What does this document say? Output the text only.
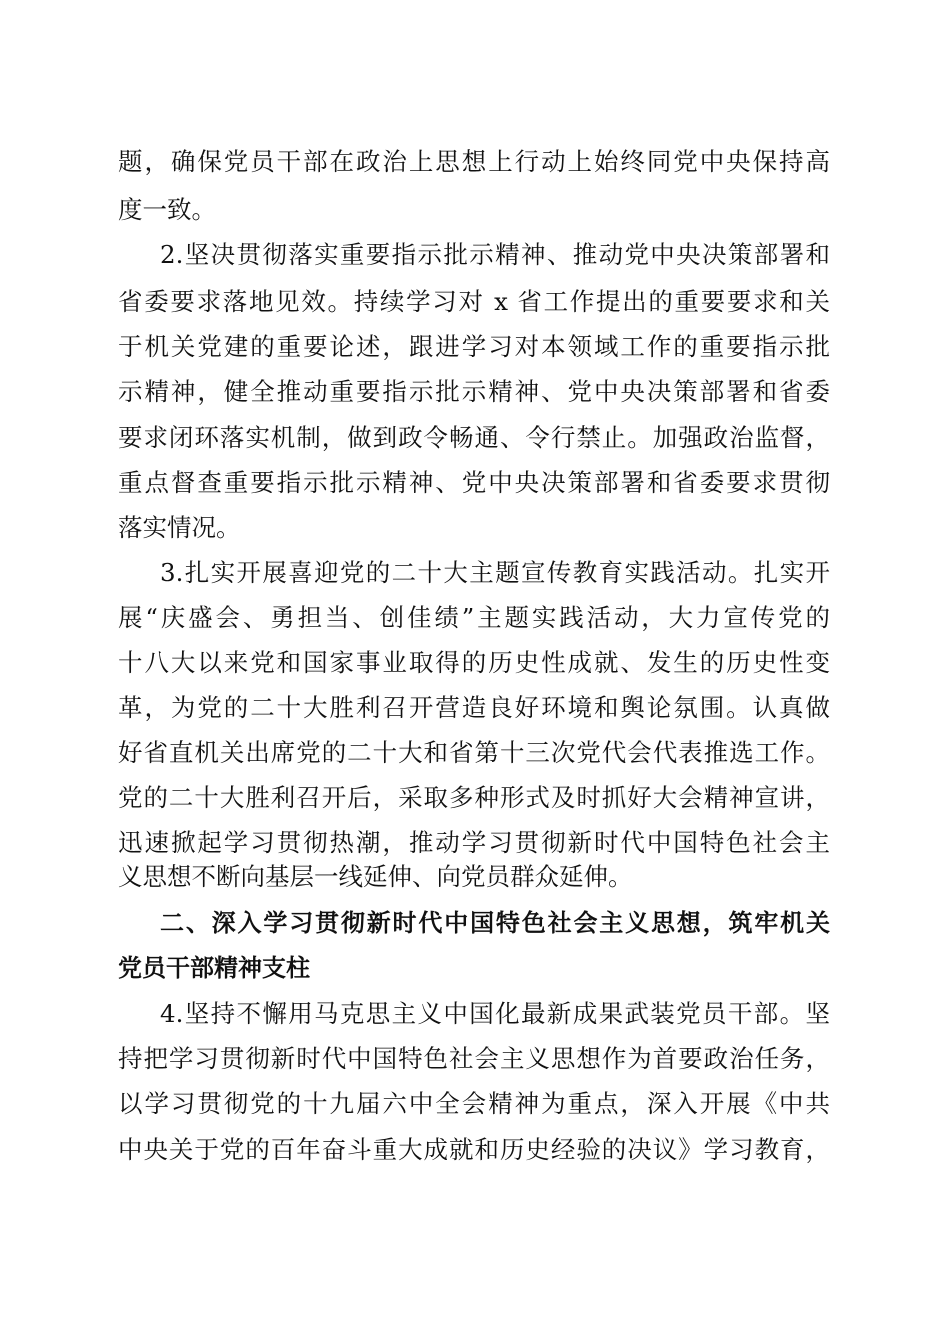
题，确保党员干部在政治上思想上行动上始终同党中央保持高
度一致。
2.坚决贯彻落实重要指示批示精神、推动党中央决策部署和
省委要求落地见效。持续学习对 x 省工作提出的重要要求和关
于机关党建的重要论述，跟进学习对本领域工作的重要指示批
示精神，健全推动重要指示批示精神、党中央决策部署和省委
要求闭环落实机制，做到政令畅通、令行禁止。加强政治监督，
重点督查重要指示批示精神、党中央决策部署和省委要求贯彻
落实情况。
3.扎实开展喜迎党的二十大主题宣传教育实践活动。扎实开
展“庆盛会、勇担当、创佳绩”主题实践活动，大力宣传党的
十八大以来党和国家事业取得的历史性成就、发生的历史性变
革，为党的二十大胜利召开营造良好环境和舆论氛围。认真做
好省直机关出席党的二十大和省第十三次党代会代表推选工作。
党的二十大胜利召开后，采取多种形式及时抓好大会精神宣讲，
迅速掀起学习贯彻热潮，推动学习贯彻新时代中国特色社会主
义思想不断向基层一线延伸、向党员群众延伸。
二、深入学习贯彻新时代中国特色社会主义思想，筑牢机关
党员干部精神支柱
4.坚持不懈用马克思主义中国化最新成果武装党员干部。坚
持把学习贯彻新时代中国特色社会主义思想作为首要政治任务，
以学习贯彻党的十九届六中全会精神为重点，深入开展《中共
中央关于党的百年奋斗重大成就和历史经验的决议》学习教育，
